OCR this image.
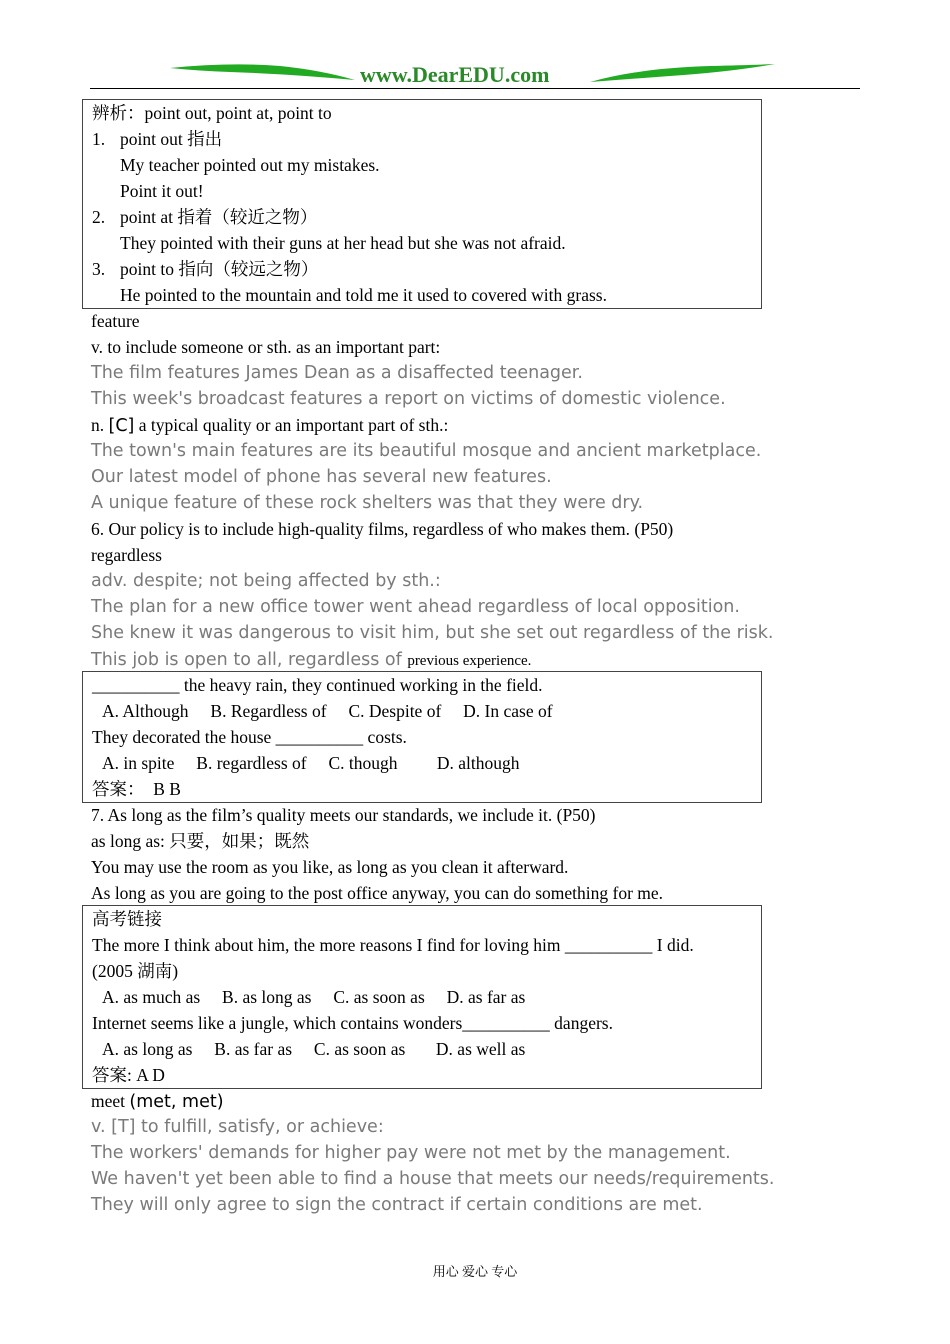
www.DearEDU.com
辨析：point out, point at, point to
1. point out 指出
My teacher pointed out my mistakes.
Point it out!
2. point at 指着（较近之物）
They pointed with their guns at her head but she was not afraid.
3. point to 指向（较远之物）
He pointed to the mountain and told me it used to covered with grass.
feature
v. to include someone or sth. as an important part:
The film features James Dean as a disaffected teenager.
This week's broadcast features a report on victims of domestic violence.
n. [C] a typical quality or an important part of sth.:
The town's main features are its beautiful mosque and ancient marketplace.
Our latest model of phone has several new features.
A unique feature of these rock shelters was that they were dry.
6. Our policy is to include high-quality films, regardless of who makes them. (P50)
regardless
adv. despite; not being affected by sth.:
The plan for a new office tower went ahead regardless of local opposition.
She knew it was dangerous to visit him, but she set out regardless of the risk.
This job is open to all, regardless of previous experience.
__________ the heavy rain, they continued working in the field.
A. Although     B. Regardless of     C. Despite of     D. In case of
They decorated the house __________ costs.
A. in spite     B. regardless of     C. though         D. although
答案：  B B
7. As long as the film’s quality meets our standards, we include it. (P50)
as long as: 只要，如果；既然
You may use the room as you like, as long as you clean it afterward.
As long as you are going to the post office anyway, you can do something for me.
高考链接
The more I think about him, the more reasons I find for loving him __________ I did.
(2005 湖南)
A. as much as     B. as long as     C. as soon as     D. as far as
Internet seems like a jungle, which contains wonders__________ dangers.
A. as long as     B. as far as     C. as soon as       D. as well as
答案: A D
meet (met, met)
v. [T] to fulfill, satisfy, or achieve:
The workers' demands for higher pay were not met by the management.
We haven't yet been able to find a house that meets our needs/requirements.
They will only agree to sign the contract if certain conditions are met.
用心 爱心 专心
